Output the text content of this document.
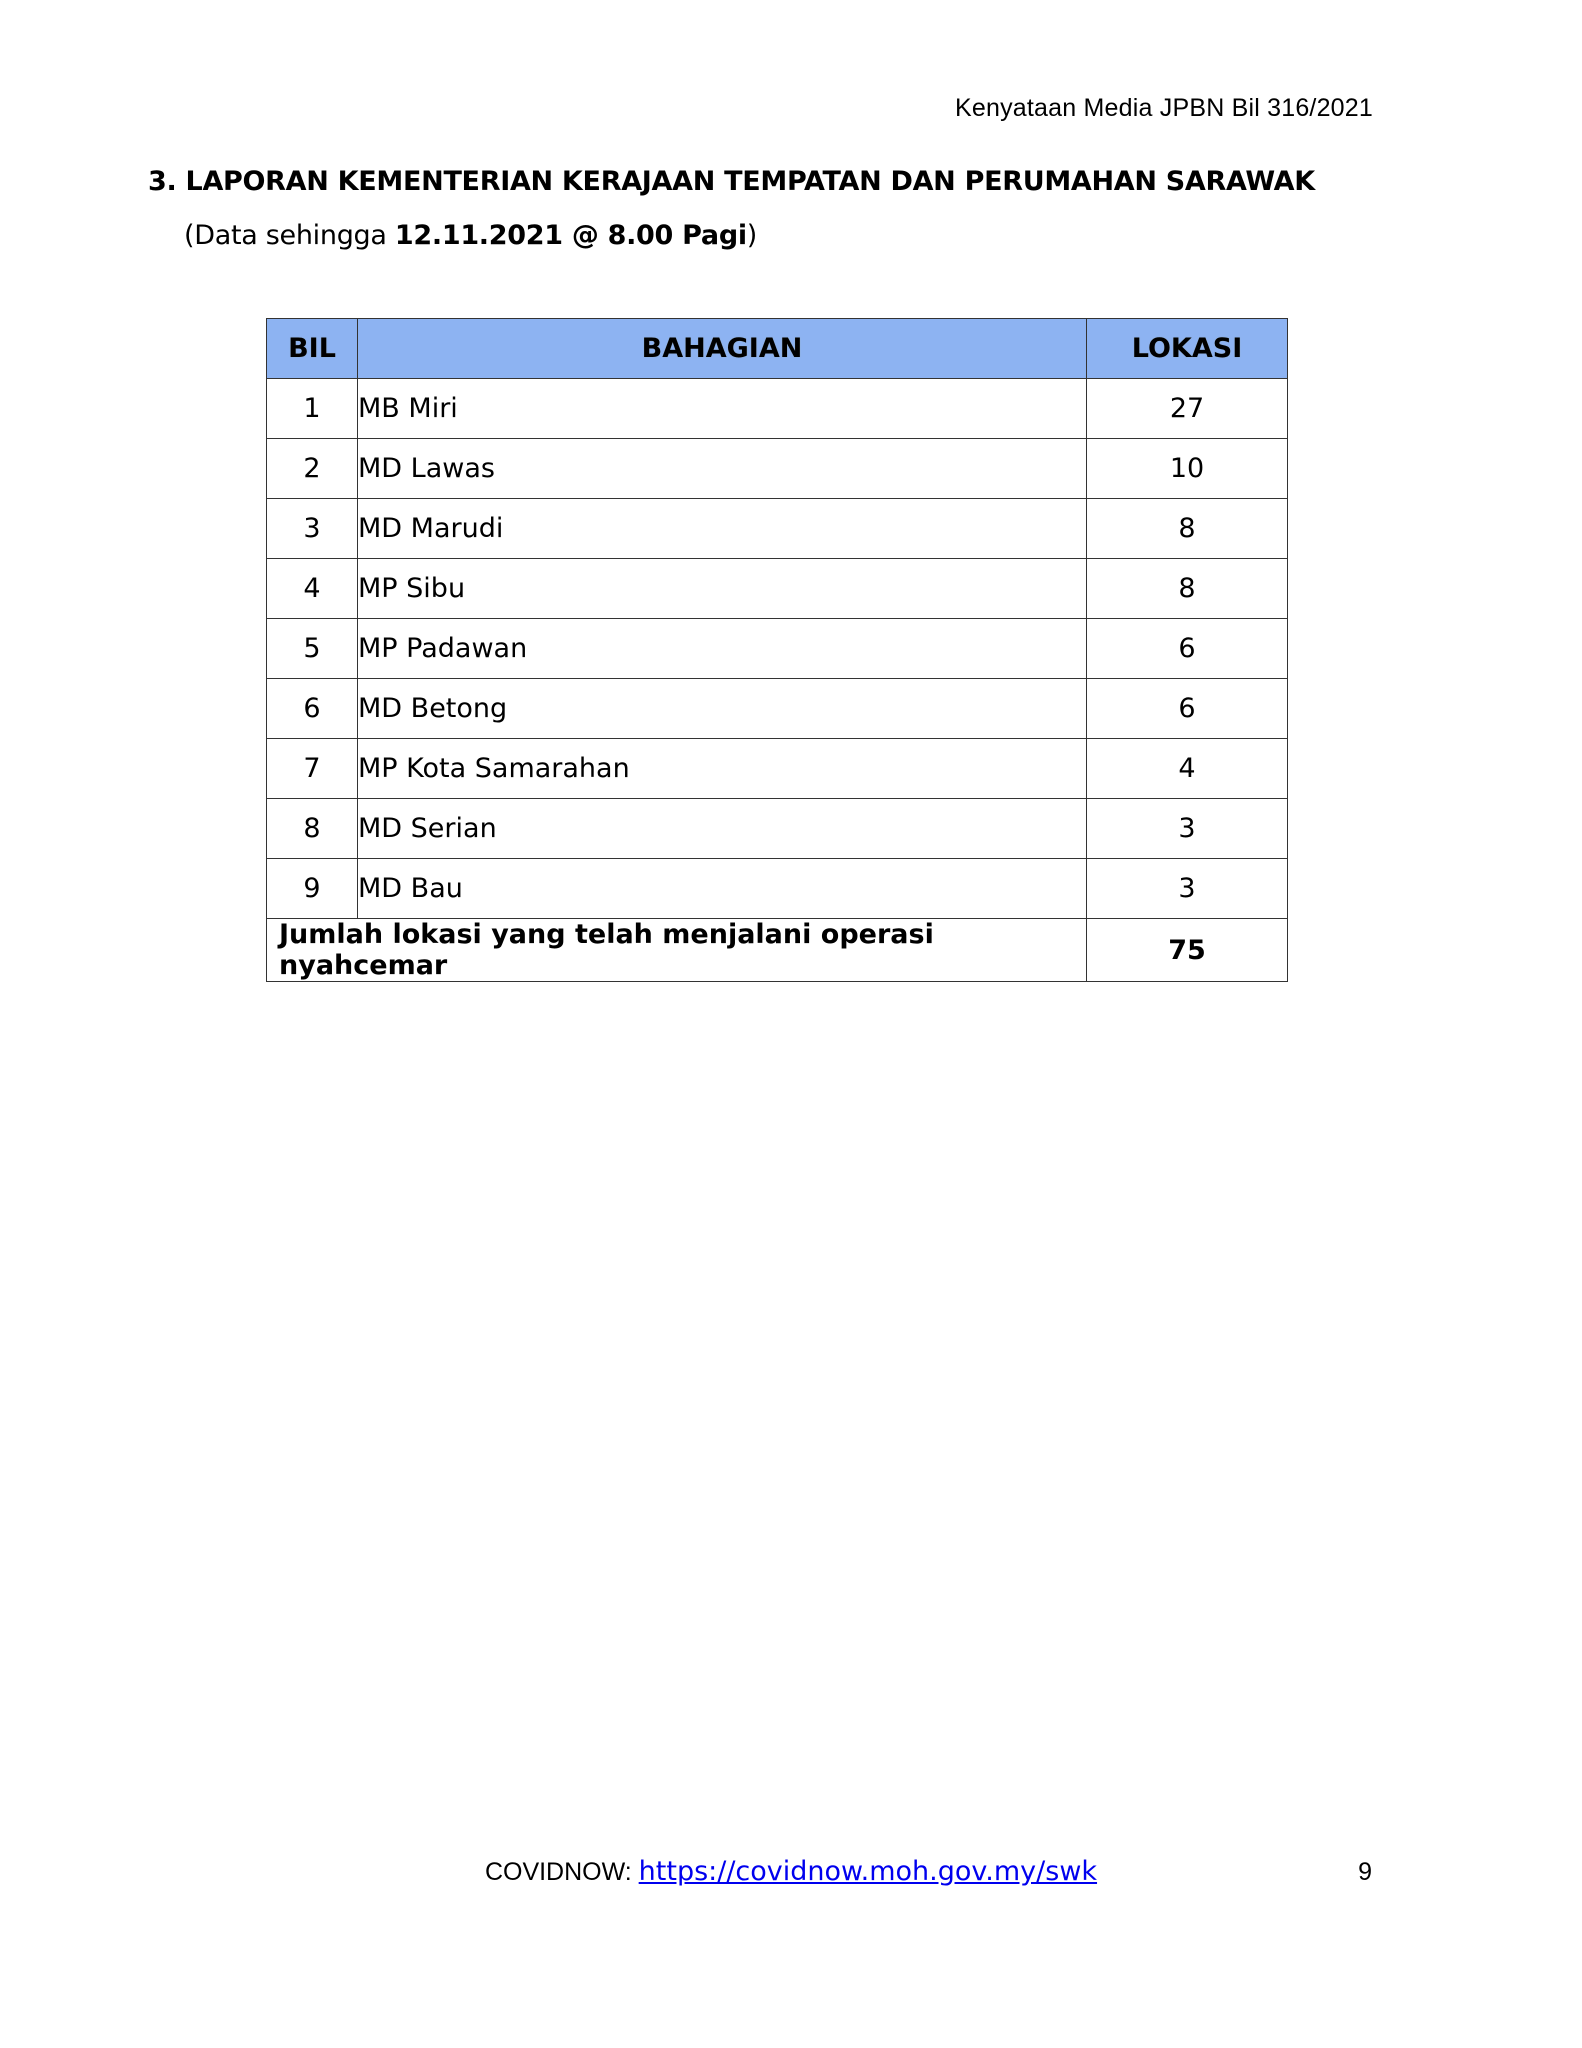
Kenyataan Media JPBN Bil 316/2021
3. LAPORAN KEMENTERIAN KERAJAAN TEMPATAN DAN PERUMAHAN SARAWAK
(Data sehingga 12.11.2021 @ 8.00 Pagi)
BIL	BAHAGIAN	LOKASI
1	MB Miri	27
2	MD Lawas	10
3	MD Marudi	8
4	MP Sibu	8
5	MP Padawan	6
6	MD Betong	6
7	MP Kota Samarahan	4
8	MD Serian	3
9	MD Bau	3
Jumlah lokasi yang telah menjalani operasi nyahcemar		75
COVIDNOW: https://covidnow.moh.gov.my/swk	9
